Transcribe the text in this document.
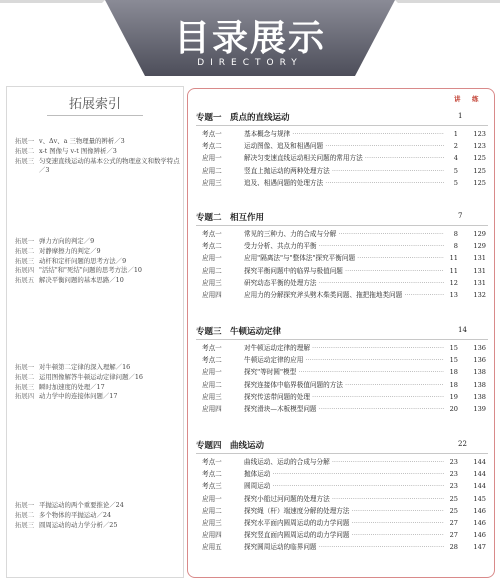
目录展示
DIRECTORY
拓展索引
拓展一 v、Δv、a 三物理量的辨析／3
拓展二 x-t 图像与 v-t 图像辨析／3
拓展三 匀变速直线运动的基本公式的物理意义和数学特点／3
拓展一 弹力方向的判定／9
拓展二 对静摩擦力的判定／9
拓展三 动杆和定杆问题的思考方法／9
拓展四 "活结"和"死结"问题的思考方法／10
拓展五 解决平衡问题的基本思路／10
拓展一 对牛顿第二定律的深入理解／16
拓展二 运用图像解答牛顿运动定律问题／16
拓展三 瞬时加速度的处理／17
拓展四 动力学中的连接体问题／17
拓展一 平抛运动的两个重要推论／24
拓展二 多个物体的平抛运动／24
拓展三 圆周运动的动力学分析／25
讲 练
专题一　质点的直线运动	1
考点一	基本概念与规律 ·····	1	123
考点二	运动图像、追及和相遇问题 ·····	2	123
应用一	解决匀变速直线运动相关问题的常用方法 ·····	4	125
应用二	竖直上抛运动的两种处理方法 ·····	5	125
应用三	追及、相遇问题的处理方法 ·····	5	125
专题二　相互作用	7
考点一	常见的三种力、力的合成与分解 ·····	8	129
考点二	受力分析、共点力的平衡 ·····	8	129
应用一	应用"隔离法"与"整体法"探究平衡问题 ·····	11	131
应用二	探究平衡问题中的临界与极值问题 ·····	11	131
应用三	研究动态平衡的处理方法 ·····	12	131
应用四	应用力的分解探究斧头劈木柴类问题、拖把拖地类问题 ·····	13	132
专题三　牛顿运动定律	14
考点一	对牛顿运动定律的理解 ·····	15	136
考点二	牛顿运动定律的应用 ·····	15	136
应用一	探究"等时圆"模型 ·····	18	138
应用二	探究连接体中临界极值问题的方法 ·····	18	138
应用三	探究传送带问题的处理 ·····	19	138
应用四	探究滑块—木板模型问题 ·····	20	139
专题四　曲线运动	22
考点一	曲线运动、运动的合成与分解 ·····	23	144
考点二	抛体运动 ·····	23	144
考点三	圆周运动 ·····	23	144
应用一	探究小船过河问题的处理方法 ·····	25	145
应用二	探究绳（杆）端速度分解的处理方法 ·····	25	146
应用三	探究水平面内圆周运动的动力学问题 ·····	27	146
应用四	探究竖直面内圆周运动的动力学问题 ·····	27	146
应用五	探究圆周运动的临界问题 ·····	28	147
